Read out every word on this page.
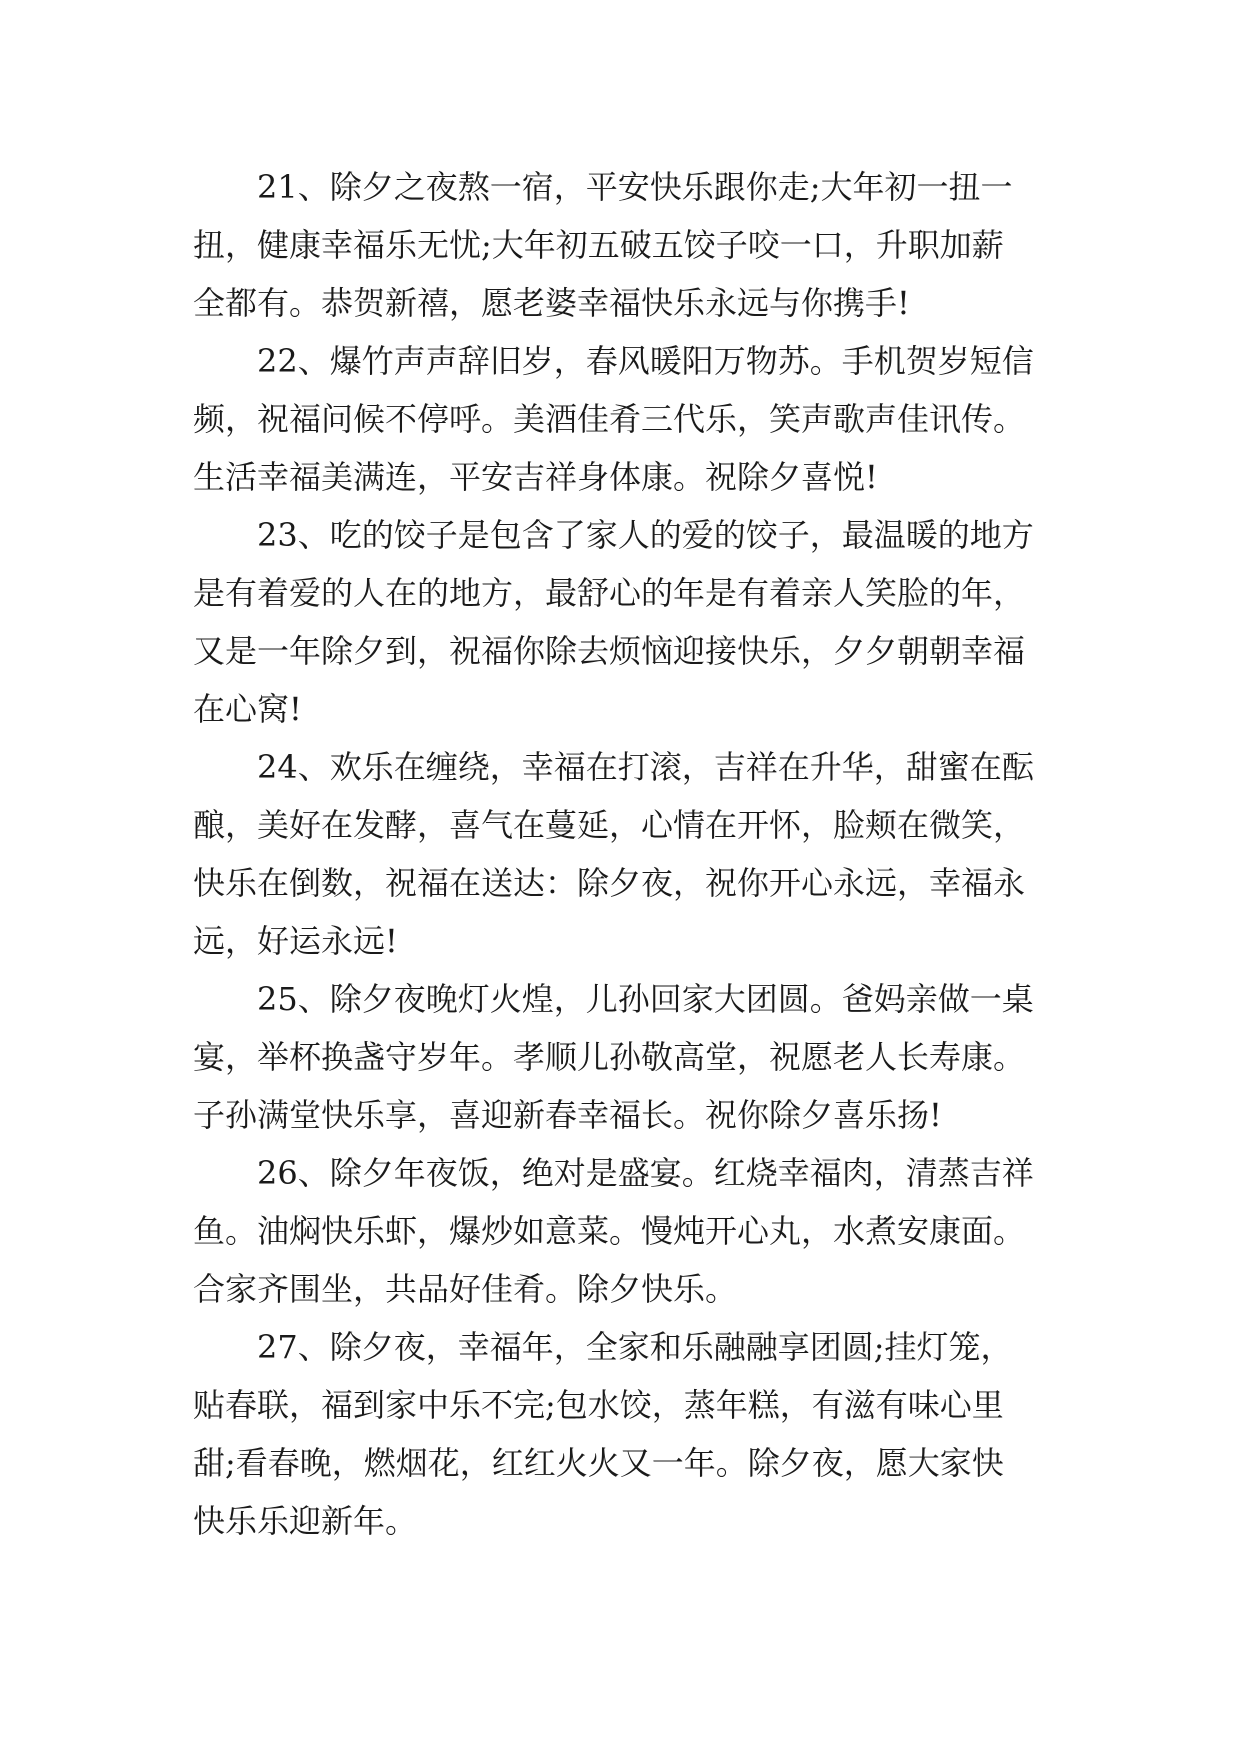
21、除夕之夜熬一宿，平安快乐跟你走;大年初一扭一
扭，健康幸福乐无忧;大年初五破五饺子咬一口，升职加薪
全都有。恭贺新禧，愿老婆幸福快乐永远与你携手!

22、爆竹声声辞旧岁，春风暖阳万物苏。手机贺岁短信
频，祝福问候不停呼。美酒佳肴三代乐，笑声歌声佳讯传。
生活幸福美满连，平安吉祥身体康。祝除夕喜悦!

23、吃的饺子是包含了家人的爱的饺子，最温暖的地方
是有着爱的人在的地方，最舒心的年是有着亲人笑脸的年，
又是一年除夕到，祝福你除去烦恼迎接快乐，夕夕朝朝幸福
在心窝!

24、欢乐在缠绕，幸福在打滚，吉祥在升华，甜蜜在酝
酿，美好在发酵，喜气在蔓延，心情在开怀，脸颊在微笑，
快乐在倒数，祝福在送达：除夕夜，祝你开心永远，幸福永
远，好运永远!

25、除夕夜晚灯火煌，儿孙回家大团圆。爸妈亲做一桌
宴，举杯换盏守岁年。孝顺儿孙敬高堂，祝愿老人长寿康。
子孙满堂快乐享，喜迎新春幸福长。祝你除夕喜乐扬!

26、除夕年夜饭，绝对是盛宴。红烧幸福肉，清蒸吉祥
鱼。油焖快乐虾，爆炒如意菜。慢炖开心丸，水煮安康面。
合家齐围坐，共品好佳肴。除夕快乐。

27、除夕夜，幸福年，全家和乐融融享团圆;挂灯笼，
贴春联，福到家中乐不完;包水饺，蒸年糕，有滋有味心里
甜;看春晚，燃烟花，红红火火又一年。除夕夜，愿大家快
快乐乐迎新年。
